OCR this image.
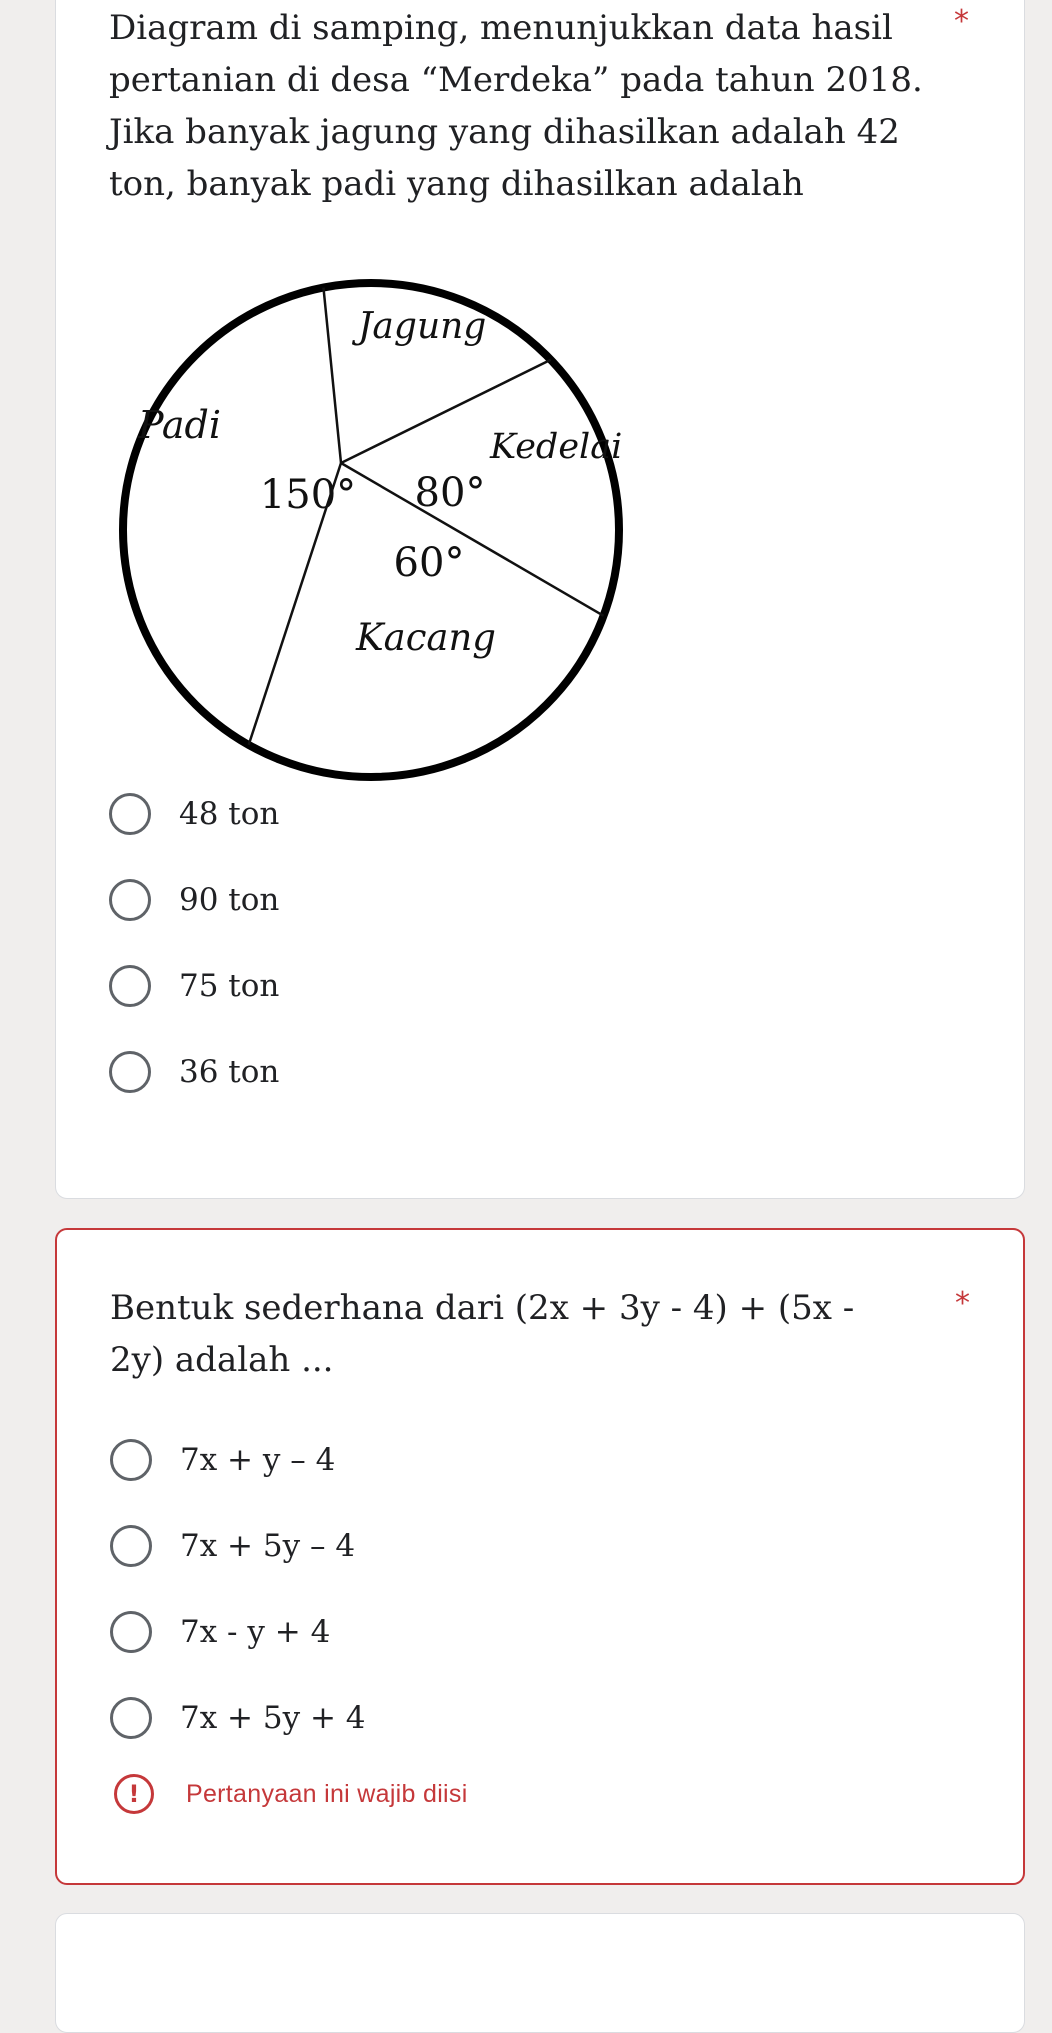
Diagram di samping, menunjukkan data hasil pertanian di desa “Merdeka” pada tahun 2018. Jika banyak jagung yang dihasilkan adalah 42 ton, banyak padi yang dihasilkan adalah
*
Jagung
Padi	Kedelai
150° 80°
60°
Kacang
48 ton
90 ton
75 ton
36 ton
Bentuk sederhana dari (2x + 3y - 4) + (5x - 2y) adalah ...
*
7x + y – 4
7x + 5y – 4
7x - y + 4
7x + 5y + 4
!	Pertanyaan ini wajib diisi
